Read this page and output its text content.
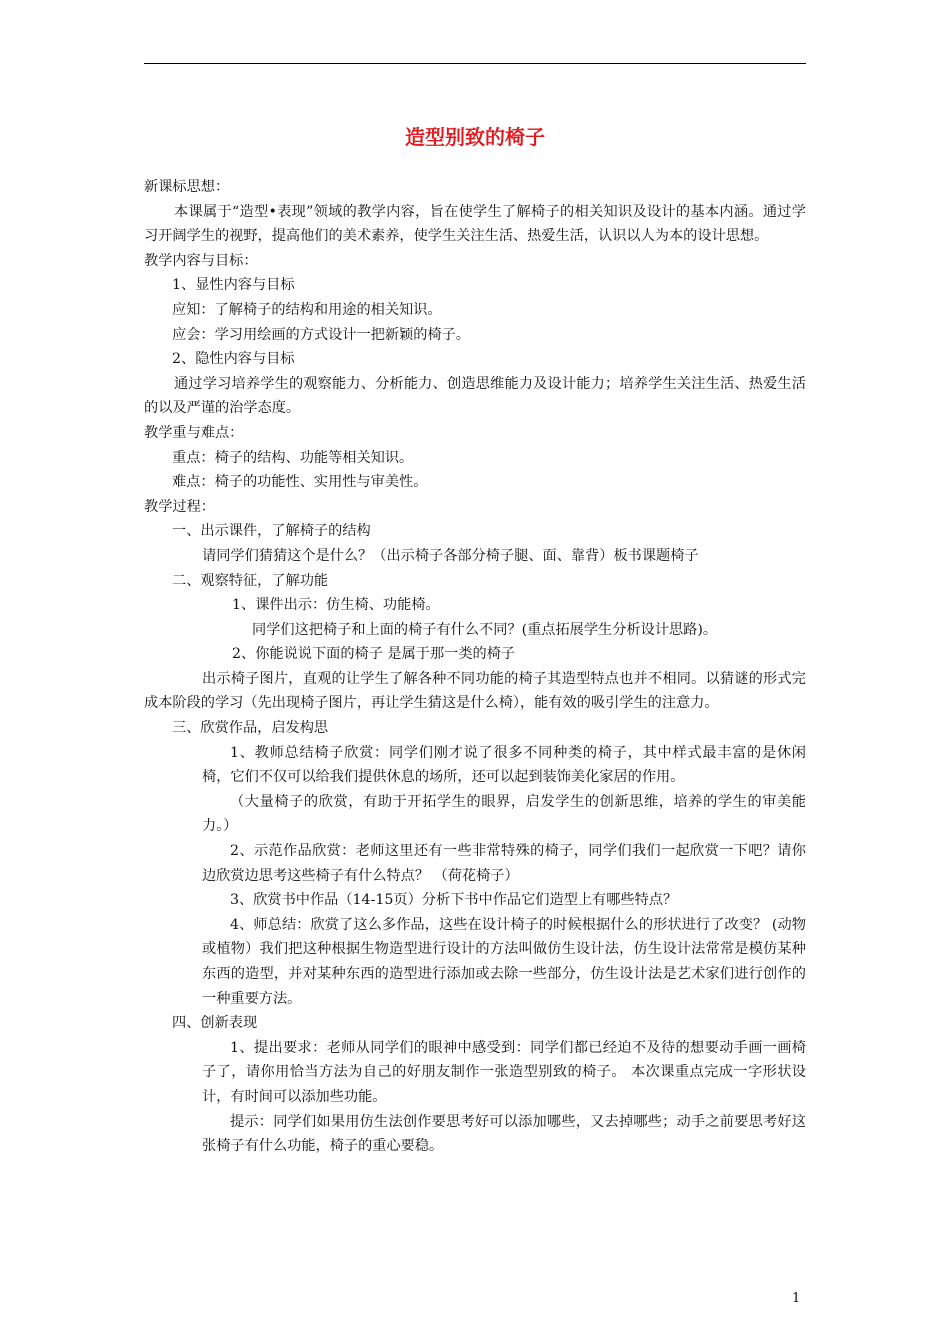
造型别致的椅子

新课标思想：

本课属于“造型•表现”领域的教学内容，旨在使学生了解椅子的相关知识及设计的基本内涵。通过学习开阔学生的视野，提高他们的美术素养，使学生关注生活、热爱生活，认识以人为本的设计思想。

教学内容与目标：

1、显性内容与目标

应知：了解椅子的结构和用途的相关知识。

应会：学习用绘画的方式设计一把新颖的椅子。

2、隐性内容与目标

通过学习培养学生的观察能力、分析能力、创造思维能力及设计能力；培养学生关注生活、热爱生活的以及严谨的治学态度。

教学重与难点：

重点：椅子的结构、功能等相关知识。

难点：椅子的功能性、实用性与审美性。

教学过程：

一、出示课件，了解椅子的结构

请同学们猜猜这个是什么？（出示椅子各部分椅子腿、面、靠背）板书课题椅子

二、观察特征，了解功能

1、课件出示：仿生椅、功能椅。

同学们这把椅子和上面的椅子有什么不同？(重点拓展学生分析设计思路)。

2、你能说说下面的椅子 是属于那一类的椅子

出示椅子图片，直观的让学生了解各种不同功能的椅子其造型特点也并不相同。以猜谜的形式完成本阶段的学习（先出现椅子图片，再让学生猜这是什么椅），能有效的吸引学生的注意力。

三、欣赏作品，启发构思

1、教师总结椅子欣赏：同学们刚才说了很多不同种类的椅子，其中样式最丰富的是休闲椅，它们不仅可以给我们提供休息的场所，还可以起到装饰美化家居的作用。

（大量椅子的欣赏，有助于开拓学生的眼界，启发学生的创新思维，培养的学生的审美能力。）

2、示范作品欣赏：老师这里还有一些非常特殊的椅子，同学们我们一起欣赏一下吧？请你边欣赏边思考这些椅子有什么特点？ （荷花椅子）

3、欣赏书中作品（14-15页）分析下书中作品它们造型上有哪些特点？

4、师总结：欣赏了这么多作品，这些在设计椅子的时候根据什么的形状进行了改变？ (动物或植物）我们把这种根据生物造型进行设计的方法叫做仿生设计法，仿生设计法常常是模仿某种东西的造型，并对某种东西的造型进行添加或去除一些部分，仿生设计法是艺术家们进行创作的一种重要方法。

四、创新表现

1、提出要求：老师从同学们的眼神中感受到：同学们都已经迫不及待的想要动手画一画椅子了，请你用恰当方法为自己的好朋友制作一张造型别致的椅子。 本次课重点完成一字形状设计，有时间可以添加些功能。

提示：同学们如果用仿生法创作要思考好可以添加哪些，又去掉哪些；动手之前要思考好这张椅子有什么功能，椅子的重心要稳。

1
